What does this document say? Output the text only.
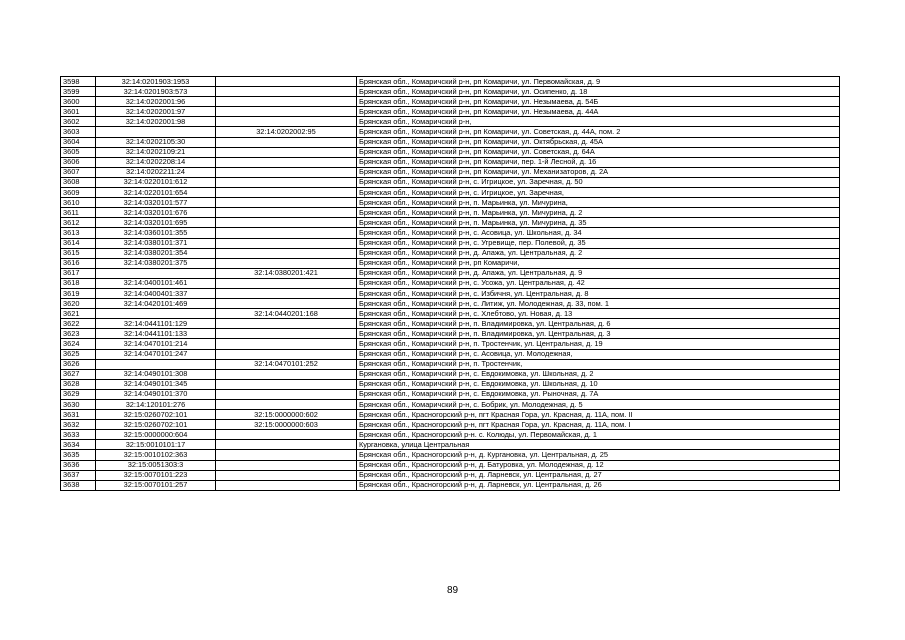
3598	32:14:0201903:1953		Брянская обл., Комаричский р-н, рп Комаричи, ул. Первомайская, д. 9
3599	32:14:0201903:573		Брянская обл., Комаричский р-н, рп Комаричи, ул. Осипенко, д. 18
3600	32:14:0202001:96		Брянская обл., Комаричский р-н, рп Комаричи, ул. Незымаева, д. 54Б
3601	32:14:0202001:97		Брянская обл., Комаричский р-н, рп Комаричи, ул. Незымаева, д. 44А
3602	32:14:0202001:98		Брянская обл., Комаричский р-н,
3603		32:14:0202002:95	Брянская обл., Комаричский р-н, рп Комаричи, ул. Советская, д. 44А, пом. 2
3604	32:14:0202105:30		Брянская обл., Комаричский р-н, рп Комаричи, ул. Октябрьская, д. 45А
3605	32:14:0202109:21		Брянская обл., Комаричский р-н, рп Комаричи, ул. Советская, д. 64А
3606	32:14:0202208:14		Брянская обл., Комаричский р-н, рп Комаричи, пер. 1-й Лесной, д. 16
3607	32:14:0202211:24		Брянская обл., Комаричский р-н, рп Комаричи, ул. Механизаторов, д. 2А
3608	32:14:0220101:612		Брянская обл., Комаричский р-н, с. Игрицкое, ул. Заречная, д. 50
3609	32:14:0220101:654		Брянская обл., Комаричский р-н, с. Игрицкое, ул. Заречная,
3610	32:14:0320101:577		Брянская обл., Комаричский р-н, п. Марьинка, ул. Мичурина,
3611	32:14:0320101:676		Брянская обл., Комаричский р-н, п. Марьинка, ул. Мичурина, д. 2
3612	32:14:0320101:695		Брянская обл., Комаричский р-н, п. Марьинка, ул. Мичурина, д. 35
3613	32:14:0360101:355		Брянская обл., Комаричский р-н, с. Асовица, ул. Школьная, д. 34
3614	32:14:0380101:371		Брянская обл., Комаричский р-н, с. Угревище, пер. Полевой, д. 35
3615	32:14:0380201:354		Брянская обл., Комаричский р-н, д. Апажа, ул. Центральная, д. 2
3616	32:14:0380201:375		Брянская обл., Комаричский р-н, рп Комаричи,
3617		32:14:0380201:421	Брянская обл., Комаричский р-н, д. Апажа, ул. Центральная, д. 9
3618	32:14:0400101:461		Брянская обл., Комаричский р-н, с. Усожа, ул. Центральная, д. 42
3619	32:14:0400401:337		Брянская обл., Комаричский р-н, с. Избичня, ул. Центральная, д. 8
3620	32:14:0420101:469		Брянская обл., Комаричский р-н, с. Литиж, ул. Молодежная, д. 33, пом. 1
3621		32:14:0440201:168	Брянская обл., Комаричский р-н, с. Хлебтово, ул. Новая, д. 13
3622	32:14:0441101:129		Брянская обл., Комаричский р-н, п. Владимировка, ул. Центральная, д. 6
3623	32:14:0441101:133		Брянская обл., Комаричский р-н, п. Владимировка, ул. Центральная, д. 3
3624	32:14:0470101:214		Брянская обл., Комаричский р-н, п. Тростенчик, ул. Центральная, д. 19
3625	32:14:0470101:247		Брянская обл., Комаричский р-н, с. Асовица, ул. Молодежная,
3626		32:14:0470101:252	Брянская обл., Комаричский р-н, п. Тростенчик,
3627	32:14:0490101:308		Брянская обл., Комаричский р-н, с. Евдокимовка, ул. Школьная, д. 2
3628	32:14:0490101:345		Брянская обл., Комаричский р-н, с. Евдокимовка, ул. Школьная, д. 10
3629	32:14:0490101:370		Брянская обл., Комаричский р-н, с. Евдокимовка, ул. Рыночная, д. 7А
3630	32:14:120101:276		Брянская обл., Комаричский р-н, с. Бобрик, ул. Молодежная, д. 5
3631	32:15:0260702:101	32:15:0000000:602	Брянская обл., Красногорский р-н, пгт Красная Гора, ул. Красная, д. 11А, пом. II
3632	32:15:0260702:101	32:15:0000000:603	Брянская обл., Красногорский р-н, пгт Красная Гора, ул. Красная, д. 11А, пом. I
3633	32:15:0000000:604		Брянская обл., Красногорский р-н. с. Колюды, ул. Первомайская, д. 1
3634	32:15:0010101:17		Кургановка, улица Центральная
3635	32:15:0010102:363		Брянская обл., Красногорский р-н, д. Кургановка, ул. Центральная, д. 25
3636	32:15:0051303:3		Брянская обл., Красногорский р-н, д. Батуровка, ул. Молодежная, д. 12
3637	32:15:0070101:223		Брянская обл., Красногорский р-н, д. Ларневск, ул. Центральная, д. 27
3638	32:15:0070101:257		Брянская обл., Красногорский р-н, д. Ларневск, ул. Центральная, д. 26
89
